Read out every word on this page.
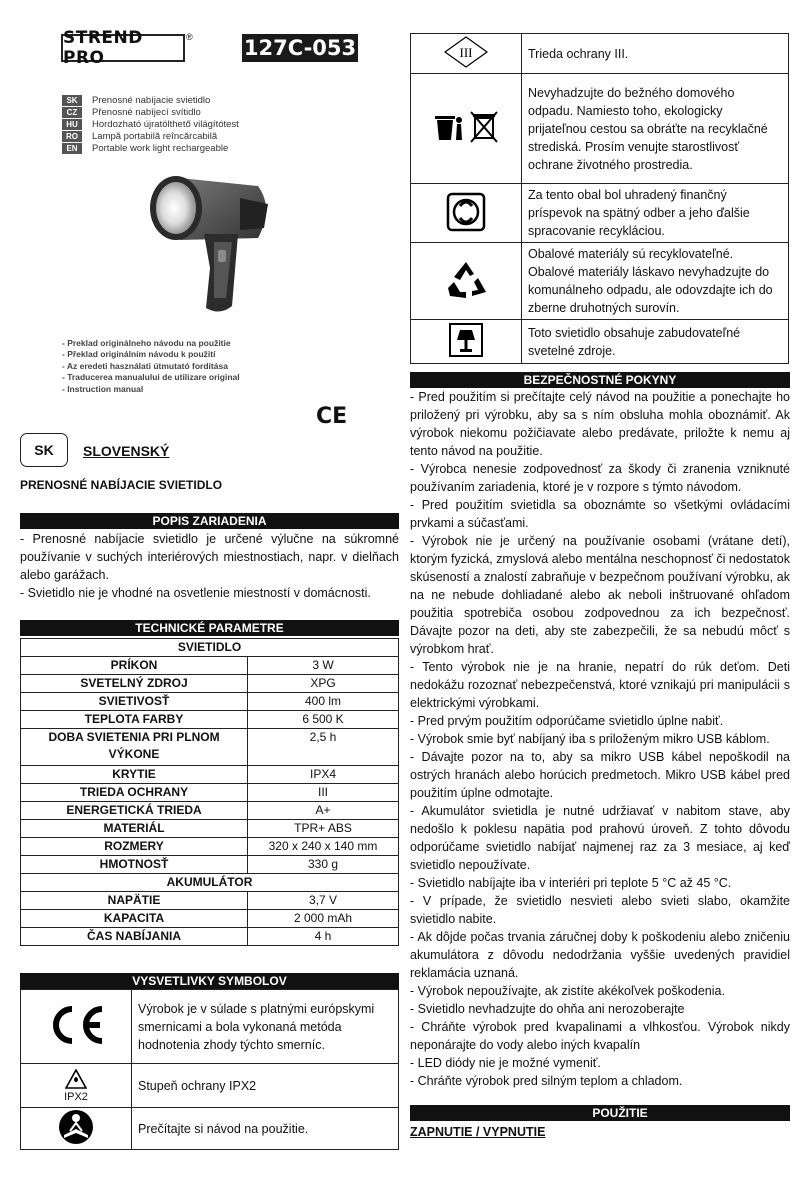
STREND PRO
® 127C-053
SK	Prenosné nabíjacie svietidlo
CZ	Přenosné nabíjecí svítidlo
HU	Hordozható újratölthető világítótest
RO	Lampă portabilă reîncărcabilă
EN	Portable work light rechargeable
- Preklad originálneho návodu na použitie
- Překlad originálním návodu k použití
- Az eredeti használati útmutató fordítása
- Traducerea manualului de utilizare original
- Instruction manual
CE
SK SLOVENSKÝ
PRENOSNÉ NABÍJACIE SVIETIDLO
POPIS ZARIADENIA
- Prenosné nabíjacie svietidlo je určené výlučne na súkromné používanie v suchých interiérových miestnostiach, napr. v dielňach alebo garážach.
- Svietidlo nie je vhodné na osvetlenie miestností v domácnosti.
TECHNICKÉ PARAMETRE
SVIETIDLO	
PRÍKON	3 W
SVETELNÝ ZDROJ	XPG
SVIETIVOSŤ	400 lm
TEPLOTA FARBY	6 500 K
DOBA SVIETENIA PRI PLNOM VÝKONE	2,5 h
KRYTIE	IPX4
TRIEDA OCHRANY	III
ENERGETICKÁ TRIEDA	A+
MATERIÁL	TPR+ ABS
ROZMERY	320 x 240 x 140 mm
HMOTNOSŤ	330 g
AKUMULÁTOR	
NAPÄTIE	3,7 V
KAPACITA	2 000 mAh
ČAS NABÍJANIA	4 h
VYSVETLIVKY SYMBOLOV
	Výrobok je v súlade s platnými európskymi smernicami a bola vykonaná metóda hodnotenia zhody týchto smerníc.

IPX2	Stupeň ochrany IPX2
	Prečítajte si návod na použitie.
III	Trieda ochrany III.
	Nevyhadzujte do bežného domového odpadu. Namiesto toho, ekologicky prijateľnou cestou sa obráťte na recyklačné strediská. Prosím venujte starostlivosť ochrane životného prostredia.
	Za tento obal bol uhradený finančný príspevok na spätný odber a jeho ďalšie spracovanie recykláciou.
	Obalové materiály sú recyklovateľné. Obalové materiály láskavo nevyhadzujte do komunálneho odpadu, ale odovzdajte ich do zberne druhotných surovín.
	Toto svietidlo obsahuje zabudovateľné svetelné zdroje.
BEZPEČNOSTNÉ POKYNY
- Pred použitím si prečítajte celý návod na použitie a ponechajte ho priložený pri výrobku, aby sa s ním obsluha mohla oboznámiť. Ak výrobok niekomu požičiavate alebo predávate, priložte k nemu aj tento návod na použitie.
- Výrobca nenesie zodpovednosť za škody či zranenia vzniknuté používaním zariadenia, ktoré je v rozpore s týmto návodom.
- Pred použitím svietidla sa oboznámte so všetkými ovládacími prvkami a súčasťami.
- Výrobok nie je určený na používanie osobami (vrátane detí), ktorým fyzická, zmyslová alebo mentálna neschopnosť či nedostatok skúseností a znalostí zabraňuje v bezpečnom používaní výrobku, ak na ne nebude dohliadané alebo ak neboli inštruované ohľadom použitia spotrebiča osobou zodpovednou za ich bezpečnosť. Dávajte pozor na deti, aby ste zabezpečili, že sa nebudú môcť s výrobkom hrať.
- Tento výrobok nie je na hranie, nepatrí do rúk deťom. Deti nedokážu rozoznať nebezpečenstvá, ktoré vznikajú pri manipulácii s elektrickými výrobkami.
- Pred prvým použitím odporúčame svietidlo úplne nabiť.
- Výrobok smie byť nabíjaný iba s priloženým mikro USB káblom.
- Dávajte pozor na to, aby sa mikro USB kábel nepoškodil na ostrých hranách alebo horúcich predmetoch. Mikro USB kábel pred použitím úplne odmotajte.
- Akumulátor svietidla je nutné udržiavať v nabitom stave, aby nedošlo k poklesu napätia pod prahovú úroveň. Z tohto dôvodu odporúčame svietidlo nabíjať najmenej raz za 3 mesiace, aj keď svietidlo nepoužívate.
- Svietidlo nabíjajte iba v interiéri pri teplote 5 °C až 45 °C.
- V prípade, že svietidlo nesvieti alebo svieti slabo, okamžite svietidlo nabite.
- Ak dôjde počas trvania záručnej doby k poškodeniu alebo zničeniu akumulátora z dôvodu nedodržania vyššie uvedených pravidiel reklamácia uznaná.
- Výrobok nepoužívajte, ak zistíte akékoľvek poškodenia.
- Svietidlo nevhadzujte do ohňa ani nerozoberajte
- Chráňte výrobok pred kvapalinami a vlhkosťou. Výrobok nikdy neponárajte do vody alebo iných kvapalín
- LED diódy nie je možné vymeniť.
- Chráňte výrobok pred silným teplom a chladom.
POUŽITIE
ZAPNUTIE / VYPNUTIE
